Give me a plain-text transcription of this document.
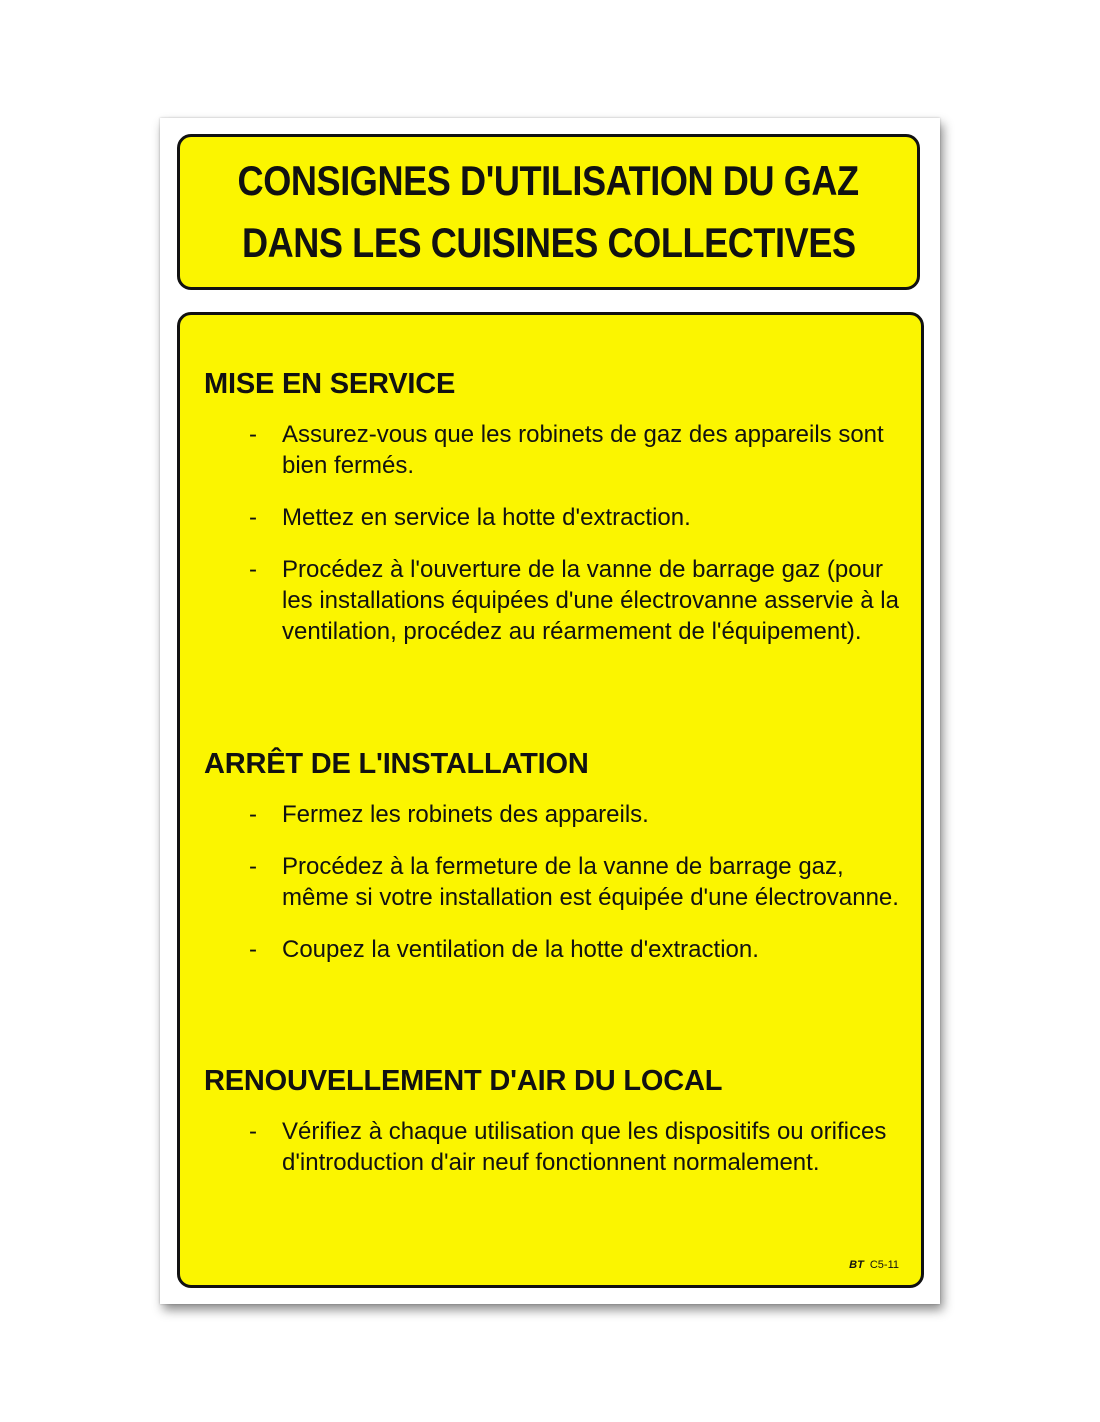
CONSIGNES D'UTILISATION DU GAZ
DANS LES CUISINES COLLECTIVES
MISE EN SERVICE
- Assurez-vous que les robinets de gaz des appareils sont bien fermés.
- Mettez en service la hotte d'extraction.
- Procédez à l'ouverture de la vanne de barrage gaz (pour les installations équipées d'une électrovanne asservie à la ventilation, procédez au réarmement de l'équipement).
ARRÊT DE L'INSTALLATION
- Fermez les robinets des appareils.
- Procédez à la fermeture de la vanne de barrage gaz, même si votre installation est équipée d'une électrovanne.
- Coupez la ventilation de la hotte d'extraction.
RENOUVELLEMENT D'AIR DU LOCAL
- Vérifiez à chaque utilisation que les dispositifs ou orifices d'introduction d'air neuf fonctionnent normalement.
BT C5-11
